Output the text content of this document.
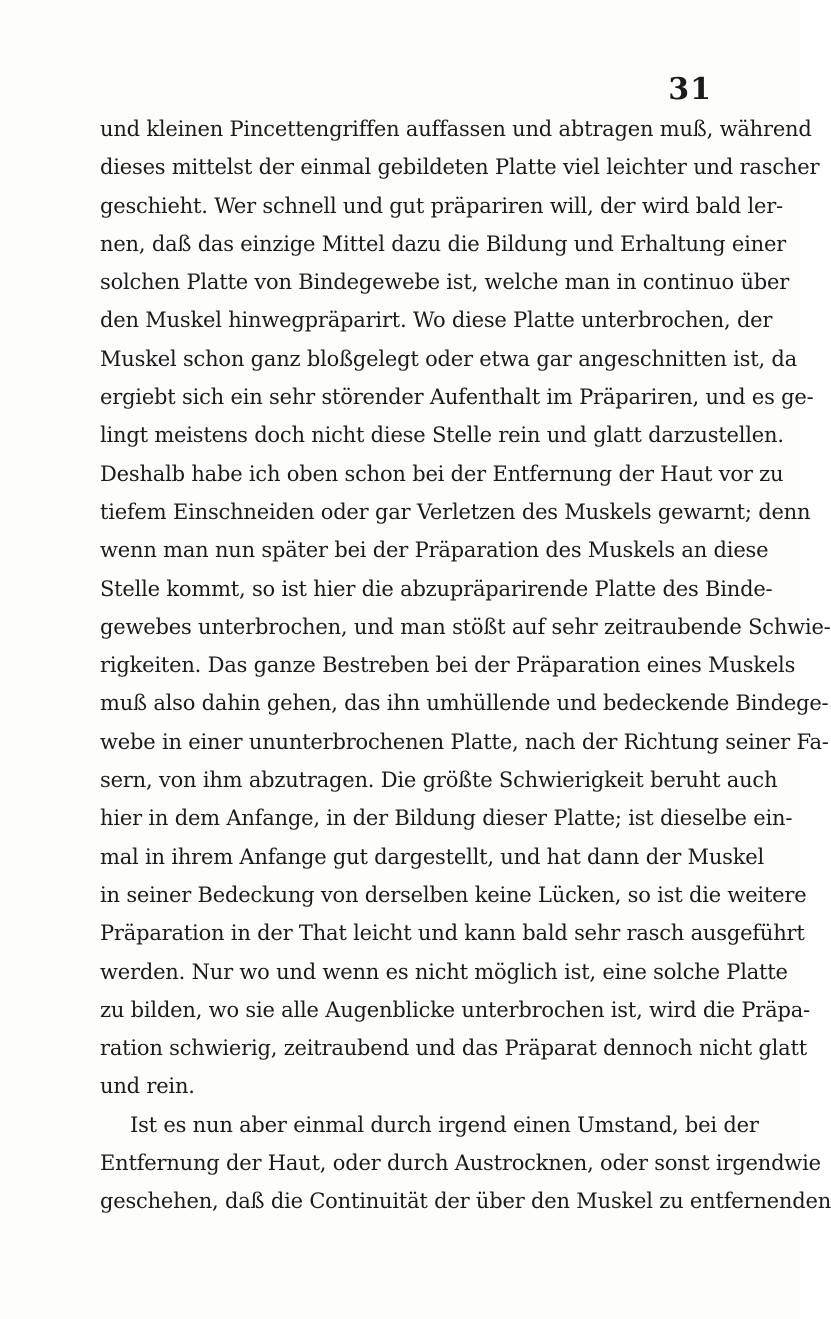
31
und kleinen Pincettengriffen auffassen und abtragen muß, während
dieses mittelst der einmal gebildeten Platte viel leichter und rascher
geschieht. Wer schnell und gut präpariren will, der wird bald ler-
nen, daß das einzige Mittel dazu die Bildung und Erhaltung einer
solchen Platte von Bindegewebe ist, welche man in continuo über
den Muskel hinwegpräparirt. Wo diese Platte unterbrochen, der
Muskel schon ganz bloßgelegt oder etwa gar angeschnitten ist, da
ergiebt sich ein sehr störender Aufenthalt im Präpariren, und es ge-
lingt meistens doch nicht diese Stelle rein und glatt darzustellen.
Deshalb habe ich oben schon bei der Entfernung der Haut vor zu
tiefem Einschneiden oder gar Verletzen des Muskels gewarnt; denn
wenn man nun später bei der Präparation des Muskels an diese
Stelle kommt, so ist hier die abzupräparirende Platte des Binde-
gewebes unterbrochen, und man stößt auf sehr zeitraubende Schwie-
rigkeiten. Das ganze Bestreben bei der Präparation eines Muskels
muß also dahin gehen, das ihn umhüllende und bedeckende Bindege-
webe in einer ununterbrochenen Platte, nach der Richtung seiner Fa-
sern, von ihm abzutragen. Die größte Schwierigkeit beruht auch
hier in dem Anfange, in der Bildung dieser Platte; ist dieselbe ein-
mal in ihrem Anfange gut dargestellt, und hat dann der Muskel
in seiner Bedeckung von derselben keine Lücken, so ist die weitere
Präparation in der That leicht und kann bald sehr rasch ausgeführt
werden. Nur wo und wenn es nicht möglich ist, eine solche Platte
zu bilden, wo sie alle Augenblicke unterbrochen ist, wird die Präpa-
ration schwierig, zeitraubend und das Präparat dennoch nicht glatt
und rein.
Ist es nun aber einmal durch irgend einen Umstand, bei der
Entfernung der Haut, oder durch Austrocknen, oder sonst irgendwie
geschehen, daß die Continuität der über den Muskel zu entfernenden
